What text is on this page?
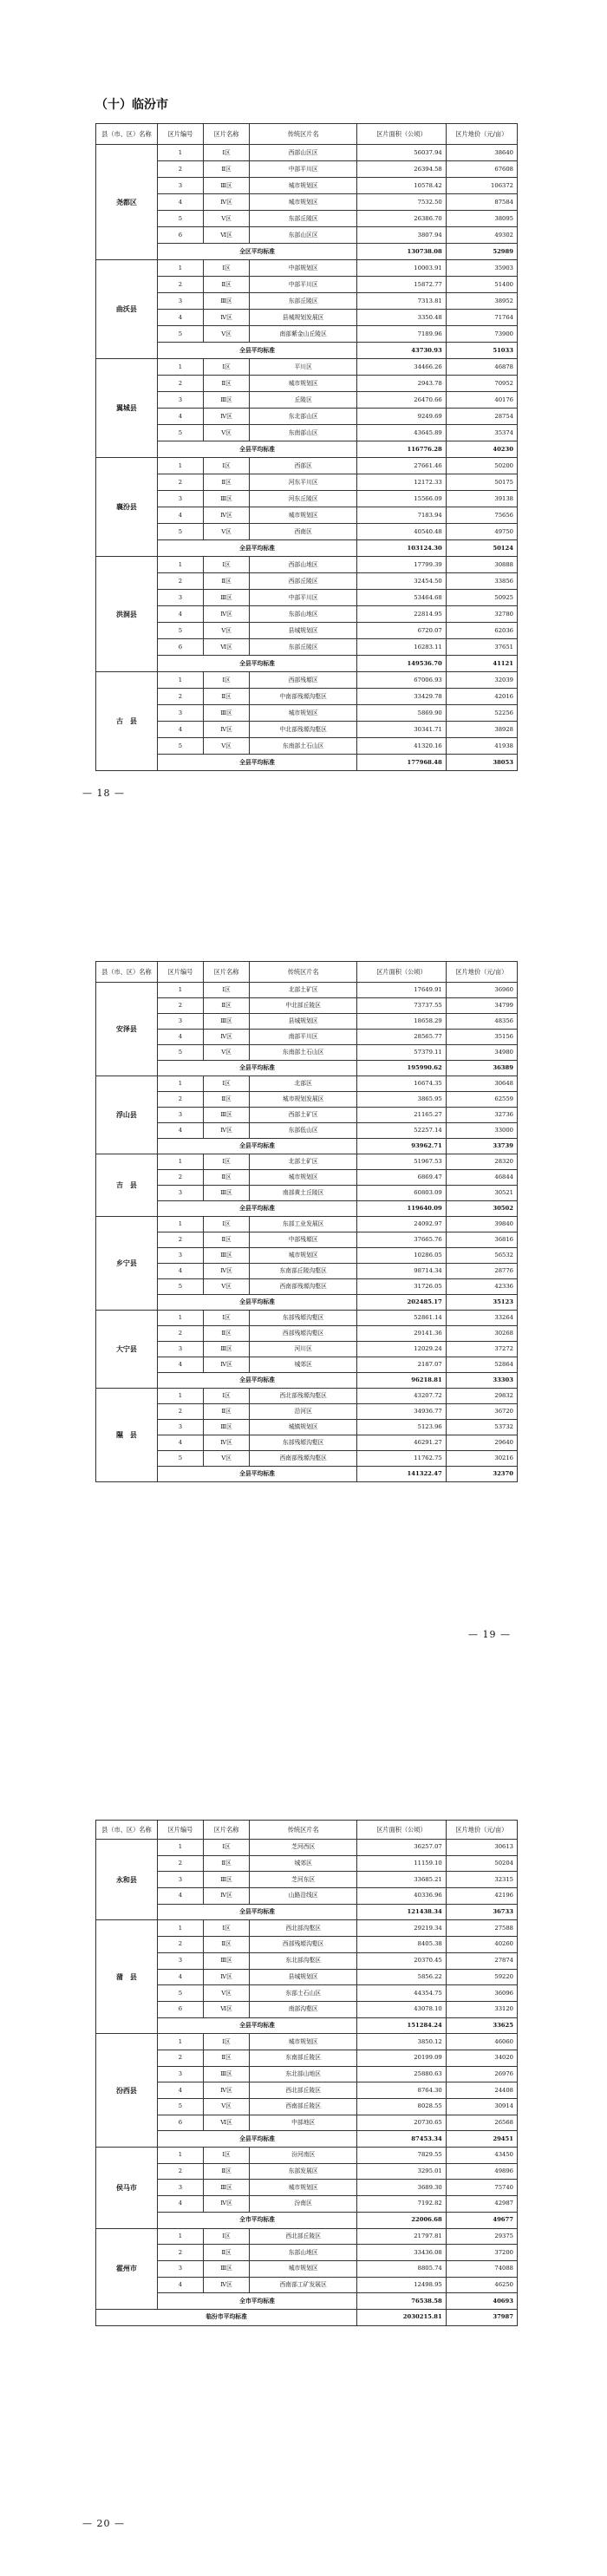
（十）临汾市
县（市、区）名称	区片编号	区片名称	传统区片名	区片面积（公顷）	区片地价（元/亩）
尧都区	1	Ⅰ区	西部山区区	56037.94	38640
	2	Ⅱ区	中部平川区	26394.58	67608
	3	Ⅲ区	城市规划区	10578.42	106372
	4	Ⅳ区	城市规划区	7532.50	87584
	5	Ⅴ区	东部丘陵区	26386.70	38095
	6	Ⅵ区	东部山区区	3807.94	49302
	全区平均标准			130738.08	52989
曲沃县	1	Ⅰ区	中部规划区	10003.91	35903
	2	Ⅱ区	中部平川区	15872.77	51400
	3	Ⅲ区	东部丘陵区	7313.81	38952
	4	Ⅳ区	县城规划发展区	3350.48	71764
	5	Ⅴ区	南部紫金山丘陵区	7189.96	73900
	全县平均标准			43730.93	51033
翼城县	1	Ⅰ区	平川区	34466.26	46878
	2	Ⅱ区	城市规划区	2943.78	70952
	3	Ⅲ区	丘陵区	26470.66	40176
	4	Ⅳ区	东北部山区	9249.69	28754
	5	Ⅴ区	东南部山区	43645.89	35374
	全县平均标准			116776.28	40230
襄汾县	1	Ⅰ区	西部区	27661.46	50200
	2	Ⅱ区	河东平川区	12172.33	50175
	3	Ⅲ区	河东丘陵区	15566.09	39138
	4	Ⅳ区	城市规划区	7183.94	75656
	5	Ⅴ区	西南区	40540.48	49750
	全县平均标准			103124.30	50124
洪洞县	1	Ⅰ区	西部山地区	17799.39	30888
	2	Ⅱ区	西部丘陵区	32454.50	33856
	3	Ⅲ区	中部平川区	53464.68	50925
	4	Ⅳ区	东部山地区	22814.95	32780
	5	Ⅴ区	县城规划区	6720.07	62036
	6	Ⅵ区	东部丘陵区	16283.11	37651
	全县平均标准			149536.70	41121
古　县	1	Ⅰ区	西部残塬区	67006.93	32039
	2	Ⅱ区	中南部残塬沟壑区	33429.78	42016
	3	Ⅲ区	城市规划区	5869.90	52256
	4	Ⅳ区	中北部残塬沟壑区	30341.71	38928
	5	Ⅴ区	东南部土石山区	41320.16	41938
	全县平均标准			177968.48	38053
— 18 —
县（市、区）名称	区片编号	区片名称	传统区片名	区片面积（公顷）	区片地价（元/亩）
安泽县	1	Ⅰ区	北部土矿区	17649.91	36960
	2	Ⅱ区	中北部丘陵区	73737.55	34799
	3	Ⅲ区	县城规划区	18658.29	48356
	4	Ⅳ区	南部平川区	28565.77	35156
	5	Ⅴ区	东南部土石山区	57379.11	34980
	全县平均标准			195990.62	36389
浮山县	1	Ⅰ区	北部区	16674.35	30648
	2	Ⅱ区	城市规划发展区	3865.95	62559
	3	Ⅲ区	西部土矿区	21165.27	32736
	4	Ⅳ区	东部低山区	52257.14	33000
	全县平均标准			93962.71	33739
吉　县	1	Ⅰ区	北部土矿区	51967.53	28320
	2	Ⅱ区	城市规划区	6869.47	46844
	3	Ⅲ区	南部黄土丘陵区	60803.09	30521
	全县平均标准			119640.09	30502
乡宁县	1	Ⅰ区	东部工业发展区	24092.97	39840
	2	Ⅱ区	中部残塬区	37665.76	36816
	3	Ⅲ区	城市规划区	10286.05	56532
	4	Ⅳ区	东南部丘陵沟壑区	98714.34	28776
	5	Ⅴ区	西南部残塬沟壑区	31726.05	42336
	全县平均标准			202485.17	35123
大宁县	1	Ⅰ区	东部残塬沟壑区	52861.14	33264
	2	Ⅱ区	西部残塬沟壑区	29141.36	30268
	3	Ⅲ区	河川区	12029.24	37272
	4	Ⅳ区	城郊区	2187.07	52864
	全县平均标准			96218.81	33303
隰　县	1	Ⅰ区	西北部残塬沟壑区	43207.72	29832
	2	Ⅱ区	沿河区	34936.77	36720
	3	Ⅲ区	城镇规划区	5123.96	53732
	4	Ⅳ区	东部残塬沟壑区	46291.27	29640
	5	Ⅴ区	西南部残塬沟壑区	11762.75	30216
	全县平均标准			141322.47	32370
— 19 —
县（市、区）名称	区片编号	区片名称	传统区片名	区片面积（公顷）	区片地价（元/亩）
永和县	1	Ⅰ区	芝河西区	36257.07	30613
	2	Ⅱ区	城郊区	11159.10	50204
	3	Ⅲ区	芝河东区	33685.21	32315
	4	Ⅳ区	山路沿线区	40336.96	42196
	全县平均标准			121438.34	36733
蒲　县	1	Ⅰ区	西北部沟壑区	29219.34	27588
	2	Ⅱ区	西部残塬沟壑区	8405.38	40260
	3	Ⅲ区	东北部沟壑区	20370.45	27874
	4	Ⅳ区	县城规划区	5856.22	59220
	5	Ⅴ区	东部土石山区	44354.75	36096
	6	Ⅵ区	南部沟壑区	43078.10	33120
	全县平均标准			151284.24	33625
汾西县	1	Ⅰ区	城市规划区	3850.12	46060
	2	Ⅱ区	东南部丘陵区	20199.09	34020
	3	Ⅲ区	东北部山地区	25880.63	26976
	4	Ⅳ区	西北部丘陵区	8764.30	24408
	5	Ⅴ区	西南部丘陵区	8028.55	30914
	6	Ⅵ区	中部地区	20730.65	26568
	全县平均标准			87453.34	29451
侯马市	1	Ⅰ区	汾河南区	7829.55	43450
	2	Ⅱ区	东部发展区	3295.01	49896
	3	Ⅲ区	城市规划区	3689.30	75740
	4	Ⅳ区	汾南区	7192.82	42987
	全市平均标准			22006.68	49677
霍州市	1	Ⅰ区	西北部丘陵区	21797.81	29375
	2	Ⅱ区	东部山地区	33436.08	37200
	3	Ⅲ区	城市规划区	8805.74	74088
	4	Ⅳ区	西南部工矿发展区	12498.95	46250
	全市平均标准			76538.58	40693
临汾市平均标准				2030215.81	37987
— 20 —
